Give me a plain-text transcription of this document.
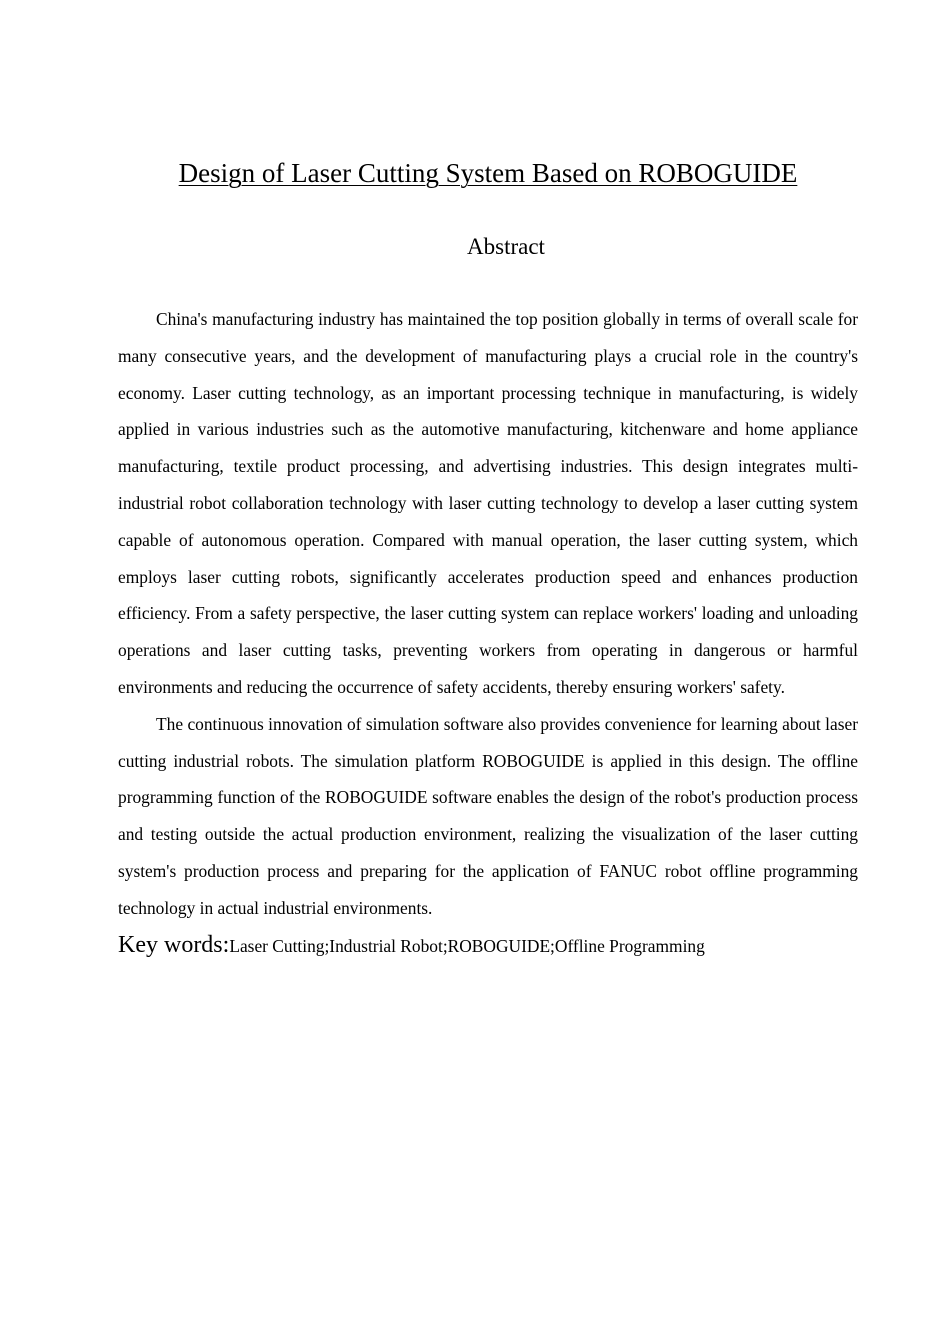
Design of Laser Cutting System Based on ROBOGUIDE
Abstract

China's manufacturing industry has maintained the top position globally in terms of overall scale for many consecutive years, and the development of manufacturing plays a crucial role in the country's economy. Laser cutting technology, as an important processing technique in manufacturing, is widely applied in various industries such as the automotive manufacturing, kitchenware and home appliance manufacturing, textile product processing, and advertising industries. This design integrates multi-industrial robot collaboration technology with laser cutting technology to develop a laser cutting system capable of autonomous operation. Compared with manual operation, the laser cutting system, which employs laser cutting robots, significantly accelerates production speed and enhances production efficiency. From a safety perspective, the laser cutting system can replace workers' loading and unloading operations and laser cutting tasks, preventing workers from operating in dangerous or harmful environments and reducing the occurrence of safety accidents, thereby ensuring workers' safety.

The continuous innovation of simulation software also provides convenience for learning about laser cutting industrial robots. The simulation platform ROBOGUIDE is applied in this design. The offline programming function of the ROBOGUIDE software enables the design of the robot's production process and testing outside the actual production environment, realizing the visualization of the laser cutting system's production process and preparing for the application of FANUC robot offline programming technology in actual industrial environments.

Key words:Laser Cutting;Industrial Robot;ROBOGUIDE;Offline Programming
